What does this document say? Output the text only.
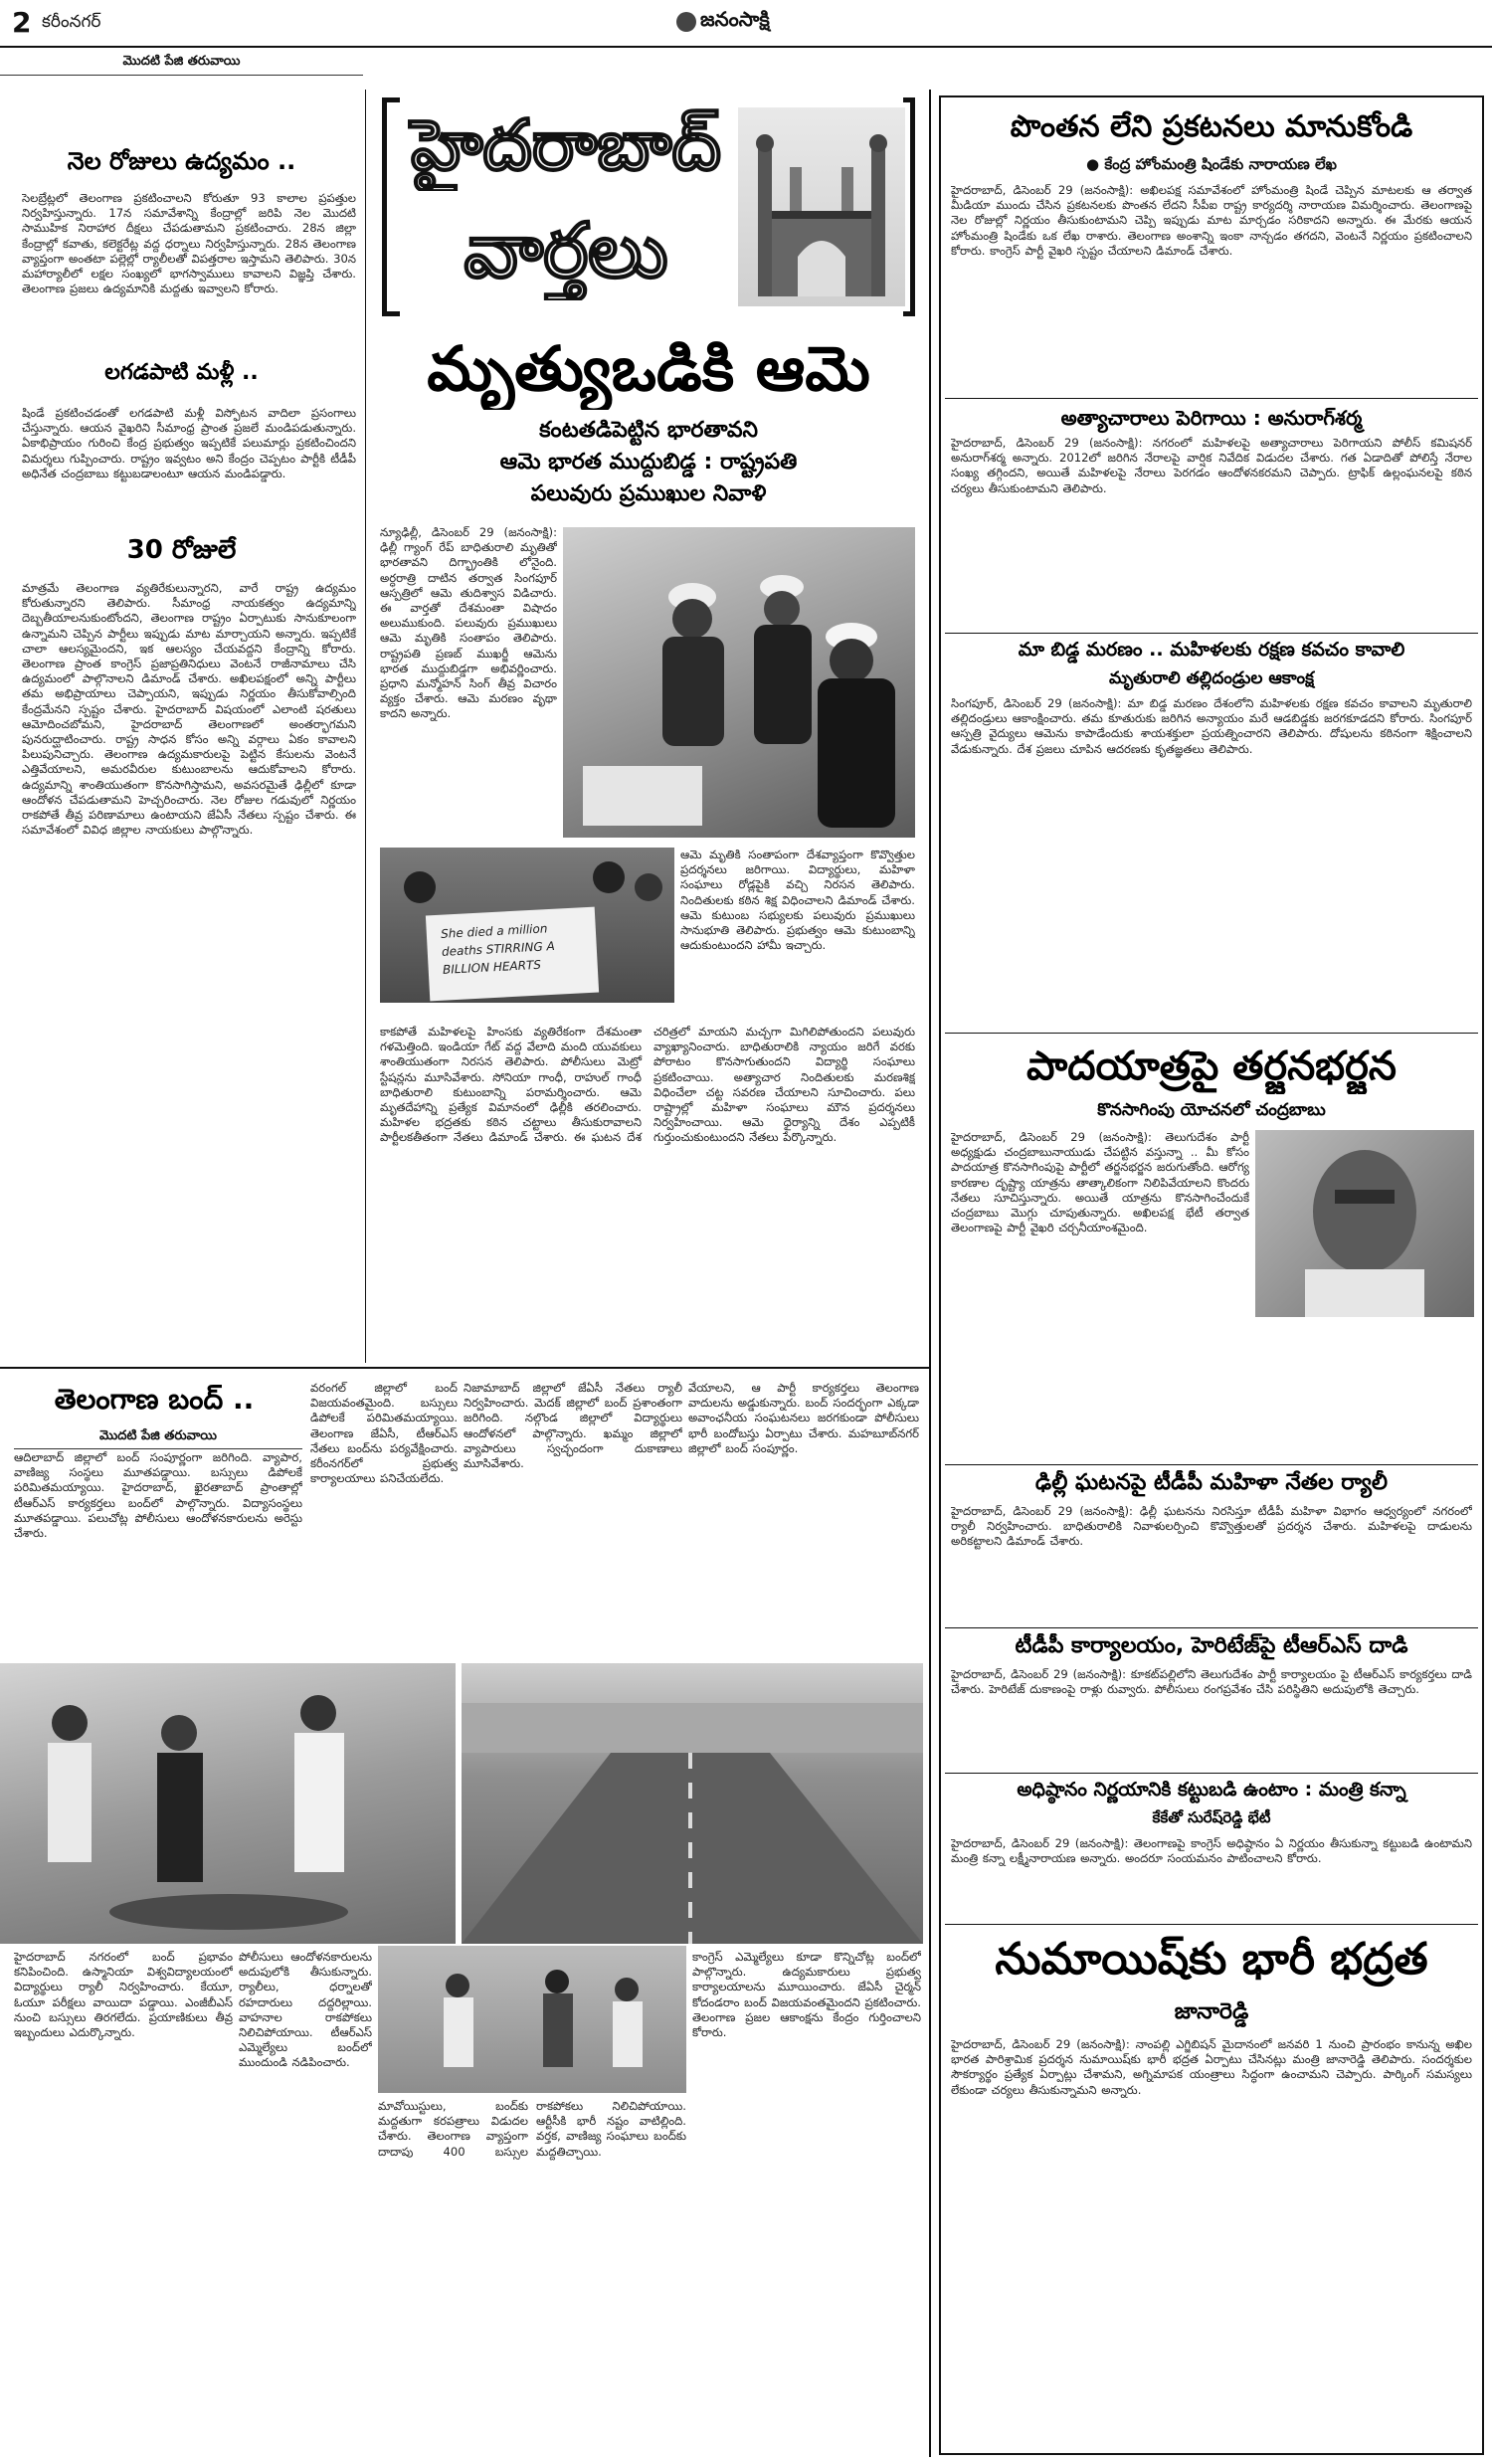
2 కరీంనగర్	జనంసాక్షి
మొదటి పేజి తరువాయి
నెల రోజులు ఉద్యమం ..
సెలబ్రేట్లలో తెలంగాణ ప్రకటించాలని కోరుతూ 93 కాలాల ప్రపత్తుల నిర్వహిస్తున్నారు. 17న సమావేశాన్ని కేంద్రాల్లో జరిపి నెల మొదటి సాముహిక నిరాహార దీక్షలు చేపడుతామని ప్రకటించారు. 28న జిల్లా కేంద్రాల్లో కవాతు, కలెక్టరేట్ల వద్ద ధర్నాలు నిర్వహిస్తున్నారు. 28న తెలంగాణ వ్యాప్తంగా అంతటా పల్లెల్లో ర్యాలీలతో విపత్తరాల ఇస్తామని తెలిపారు. 30న మహార్యాలీలో లక్షల సంఖ్యలో భాగస్వాములు కావాలని విజ్ఞప్తి చేశారు. తెలంగాణ ప్రజలు ఉద్యమానికి మద్దతు ఇవ్వాలని కోరారు.
లగడపాటి మళ్లీ ..
షిండే ప్రకటించడంతో లగడపాటి మళ్లీ విస్ఫోటన వాదిలా ప్రసంగాలు చేస్తున్నారు. ఆయన వైఖరిని సీమాంధ్ర ప్రాంత ప్రజలే మండిపడుతున్నారు. ఏకాభిప్రాయం గురించి కేంద్ర ప్రభుత్వం ఇప్పటికే పలుమార్లు ప్రకటించిందని విమర్శలు గుప్పించారు. రాష్ట్రం ఇవ్వటం అని కేంద్రం చెప్పటం పార్టీకి టీడీపీ అధినేత చంద్రబాబు కట్టుబడాలంటూ ఆయన మండిపడ్డారు.
30 రోజులే
మాత్రమే తెలంగాణ వ్యతిరేకులున్నారని, వారే రాష్ట్ర ఉద్యమం కోరుతున్నారని తెలిపారు. సీమాంధ్ర నాయకత్వం ఉద్యమాన్ని దెబ్బతీయాలనుకుంటోందని, తెలంగాణ రాష్ట్రం ఏర్పాటుకు సానుకూలంగా ఉన్నామని చెప్పిన పార్టీలు ఇప్పుడు మాట మార్చాయని అన్నారు. ఇప్పటికే చాలా ఆలస్యమైందని, ఇక ఆలస్యం చేయవద్దని కేంద్రాన్ని కోరారు. తెలంగాణ ప్రాంత కాంగ్రెస్ ప్రజాప్రతినిధులు వెంటనే రాజీనామాలు చేసి ఉద్యమంలో పాల్గొనాలని డిమాండ్ చేశారు. అఖిలపక్షంలో అన్ని పార్టీలు తమ అభిప్రాయాలు చెప్పాయని, ఇప్పుడు నిర్ణయం తీసుకోవాల్సింది కేంద్రమేనని స్పష్టం చేశారు. హైదరాబాద్ విషయంలో ఎలాంటి షరతులు ఆమోదించబోమని, హైదరాబాద్ తెలంగాణలో అంతర్భాగమని పునరుద్ఘాటించారు. రాష్ట్ర సాధన కోసం అన్ని వర్గాలు ఏకం కావాలని పిలుపునిచ్చారు. తెలంగాణ ఉద్యమకారులపై పెట్టిన కేసులను వెంటనే ఎత్తివేయాలని, అమరవీరుల కుటుంబాలను ఆదుకోవాలని కోరారు. ఉద్యమాన్ని శాంతియుతంగా కొనసాగిస్తామని, అవసరమైతే ఢిల్లీలో కూడా ఆందోళన చేపడుతామని హెచ్చరించారు. నెల రోజుల గడువులో నిర్ణయం రాకపోతే తీవ్ర పరిణామాలు ఉంటాయని జేఏసీ నేతలు స్పష్టం చేశారు. ఈ సమావేశంలో వివిధ జిల్లాల నాయకులు పాల్గొన్నారు.
హైదరాబాద్
వార్తలు
మృత్యుఒడికి ఆమె
కంటతడిపెట్టిన భారతావని
ఆమె భారత ముద్దుబిడ్డ : రాష్ట్రపతి
పలువురు ప్రముఖుల నివాళి
న్యూఢిల్లీ, డిసెంబర్ 29 (జనంసాక్షి): ఢిల్లీ గ్యాంగ్ రేప్ బాధితురాలి మృతితో భారతావని దిగ్భ్రాంతికి లోనైంది. అర్ధరాత్రి దాటిన తర్వాత సింగపూర్ ఆస్పత్రిలో ఆమె తుదిశ్వాస విడిచారు. ఈ వార్తతో దేశమంతా విషాదం అలుముకుంది. పలువురు ప్రముఖులు ఆమె మృతికి సంతాపం తెలిపారు. రాష్ట్రపతి ప్రణబ్ ముఖర్జీ ఆమెను భారత ముద్దుబిడ్డగా అభివర్ణించారు. ప్రధాని మన్మోహన్ సింగ్ తీవ్ర విచారం వ్యక్తం చేశారు. ఆమె మరణం వృథా కాదని అన్నారు.
She died a million deaths STIRRING A BILLION HEARTS
ఆమె మృతికి సంతాపంగా దేశవ్యాప్తంగా కొవ్వొత్తుల ప్రదర్శనలు జరిగాయి. విద్యార్థులు, మహిళా సంఘాలు రోడ్లపైకి వచ్చి నిరసన తెలిపారు. నిందితులకు కఠిన శిక్ష విధించాలని డిమాండ్ చేశారు. ఆమె కుటుంబ సభ్యులకు పలువురు ప్రముఖులు సానుభూతి తెలిపారు. ప్రభుత్వం ఆమె కుటుంబాన్ని ఆదుకుంటుందని హామీ ఇచ్చారు.
కాకపోతే మహిళలపై హింసకు వ్యతిరేకంగా దేశమంతా గళమెత్తింది. ఇండియా గేట్ వద్ద వేలాది మంది యువకులు శాంతియుతంగా నిరసన తెలిపారు. పోలీసులు మెట్రో స్టేషన్లను మూసివేశారు. సోనియా గాంధీ, రాహుల్ గాంధీ బాధితురాలి కుటుంబాన్ని పరామర్శించారు. ఆమె మృతదేహాన్ని ప్రత్యేక విమానంలో ఢిల్లీకి తరలించారు. మహిళల భద్రతకు కఠిన చట్టాలు తీసుకురావాలని పార్టీలకతీతంగా నేతలు డిమాండ్ చేశారు. ఈ ఘటన దేశ చరిత్రలో మాయని మచ్చగా మిగిలిపోతుందని పలువురు వ్యాఖ్యానించారు. బాధితురాలికి న్యాయం జరిగే వరకు పోరాటం కొనసాగుతుందని విద్యార్థి సంఘాలు ప్రకటించాయి. అత్యాచార నిందితులకు మరణశిక్ష విధించేలా చట్ట సవరణ చేయాలని సూచించారు. పలు రాష్ట్రాల్లో మహిళా సంఘాలు మౌన ప్రదర్శనలు నిర్వహించాయి. ఆమె ధైర్యాన్ని దేశం ఎప్పటికీ గుర్తుంచుకుంటుందని నేతలు పేర్కొన్నారు.
పొంతన లేని ప్రకటనలు మానుకోండి
● కేంద్ర హోంమంత్రి షిండేకు నారాయణ లేఖ
హైదరాబాద్, డిసెంబర్ 29 (జనంసాక్షి): అఖిలపక్ష సమావేశంలో హోంమంత్రి షిండే చెప్పిన మాటలకు ఆ తర్వాత మీడియా ముందు చేసిన ప్రకటనలకు పొంతన లేదని సీపీఐ రాష్ట్ర కార్యదర్శి నారాయణ విమర్శించారు. తెలంగాణపై నెల రోజుల్లో నిర్ణయం తీసుకుంటామని చెప్పి ఇప్పుడు మాట మార్చడం సరికాదని అన్నారు. ఈ మేరకు ఆయన హోంమంత్రి షిండేకు ఒక లేఖ రాశారు. తెలంగాణ అంశాన్ని ఇంకా నాన్చడం తగదని, వెంటనే నిర్ణయం ప్రకటించాలని కోరారు. కాంగ్రెస్ పార్టీ వైఖరి స్పష్టం చేయాలని డిమాండ్ చేశారు.
అత్యాచారాలు పెరిగాయి : అనురాగ్‌శర్మ
హైదరాబాద్, డిసెంబర్ 29 (జనంసాక్షి): నగరంలో మహిళలపై అత్యాచారాలు పెరిగాయని పోలీస్ కమిషనర్ అనురాగ్‌శర్మ అన్నారు. 2012లో జరిగిన నేరాలపై వార్షిక నివేదిక విడుదల చేశారు. గత ఏడాదితో పోలిస్తే నేరాల సంఖ్య తగ్గిందని, అయితే మహిళలపై నేరాలు పెరగడం ఆందోళనకరమని చెప్పారు. ట్రాఫిక్ ఉల్లంఘనలపై కఠిన చర్యలు తీసుకుంటామని తెలిపారు.
మా బిడ్డ మరణం .. మహిళలకు రక్షణ కవచం కావాలి
మృతురాలి తల్లిదండ్రుల ఆకాంక్ష
సింగపూర్, డిసెంబర్ 29 (జనంసాక్షి): మా బిడ్డ మరణం దేశంలోని మహిళలకు రక్షణ కవచం కావాలని మృతురాలి తల్లిదండ్రులు ఆకాంక్షించారు. తమ కూతురుకు జరిగిన అన్యాయం మరే ఆడబిడ్డకు జరగకూడదని కోరారు. సింగపూర్ ఆస్పత్రి వైద్యులు ఆమెను కాపాడేందుకు శాయశక్తులా ప్రయత్నించారని తెలిపారు. దోషులను కఠినంగా శిక్షించాలని వేడుకున్నారు. దేశ ప్రజలు చూపిన ఆదరణకు కృతజ్ఞతలు తెలిపారు.
పాదయాత్రపై తర్జనభర్జన
కొనసాగింపు యోచనలో చంద్రబాబు
హైదరాబాద్, డిసెంబర్ 29 (జనంసాక్షి): తెలుగుదేశం పార్టీ అధ్యక్షుడు చంద్రబాబునాయుడు చేపట్టిన వస్తున్నా .. మీ కోసం పాదయాత్ర కొనసాగింపుపై పార్టీలో తర్జనభర్జన జరుగుతోంది. ఆరోగ్య కారణాల దృష్ట్యా యాత్రను తాత్కాలికంగా నిలిపివేయాలని కొందరు నేతలు సూచిస్తున్నారు. అయితే యాత్రను కొనసాగించేందుకే చంద్రబాబు మొగ్గు చూపుతున్నారు. అఖిలపక్ష భేటీ తర్వాత తెలంగాణపై పార్టీ వైఖరి చర్చనీయాంశమైంది.
ఢిల్లీ ఘటనపై టీడీపీ మహిళా నేతల ర్యాలీ
హైదరాబాద్, డిసెంబర్ 29 (జనంసాక్షి): ఢిల్లీ ఘటనను నిరసిస్తూ టీడీపీ మహిళా విభాగం ఆధ్వర్యంలో నగరంలో ర్యాలీ నిర్వహించారు. బాధితురాలికి నివాళులర్పించి కొవ్వొత్తులతో ప్రదర్శన చేశారు. మహిళలపై దాడులను అరికట్టాలని డిమాండ్ చేశారు.
టీడీపీ కార్యాలయం, హెరిటేజ్‌పై టీఆర్‌ఎస్ దాడి
హైదరాబాద్, డిసెంబర్ 29 (జనంసాక్షి): కూకట్‌పల్లిలోని తెలుగుదేశం పార్టీ కార్యాలయం పై టీఆర్‌ఎస్ కార్యకర్తలు దాడి చేశారు. హెరిటేజ్ దుకాణంపై రాళ్లు రువ్వారు. పోలీసులు రంగప్రవేశం చేసి పరిస్థితిని అదుపులోకి తెచ్చారు.
అధిష్ఠానం నిర్ణయానికి కట్టుబడి ఉంటాం : మంత్రి కన్నా
కేకేతో సురేష్‌రెడ్డి భేటీ
హైదరాబాద్, డిసెంబర్ 29 (జనంసాక్షి): తెలంగాణపై కాంగ్రెస్ అధిష్ఠానం ఏ నిర్ణయం తీసుకున్నా కట్టుబడి ఉంటామని మంత్రి కన్నా లక్ష్మీనారాయణ అన్నారు. అందరూ సంయమనం పాటించాలని కోరారు.
నుమాయిష్‌కు భారీ భద్రత
జానారెడ్డి
హైదరాబాద్, డిసెంబర్ 29 (జనంసాక్షి): నాంపల్లి ఎగ్జిబిషన్ మైదానంలో జనవరి 1 నుంచి ప్రారంభం కానున్న అఖిల భారత పారిశ్రామిక ప్రదర్శన నుమాయిష్‌కు భారీ భద్రత ఏర్పాటు చేసినట్లు మంత్రి జానారెడ్డి తెలిపారు. సందర్శకుల సౌకర్యార్థం ప్రత్యేక ఏర్పాట్లు చేశామని, అగ్నిమాపక యంత్రాలు సిద్ధంగా ఉంచామని చెప్పారు. పార్కింగ్ సమస్యలు లేకుండా చర్యలు తీసుకున్నామని అన్నారు.
తెలంగాణ బంద్ ..
మొదటి పేజి తరువాయి
ఆదిలాబాద్ జిల్లాలో బంద్ సంపూర్ణంగా జరిగింది. వ్యాపార, వాణిజ్య సంస్థలు మూతపడ్డాయి. బస్సులు డిపోలకే పరిమితమయ్యాయి. హైదరాబాద్, ఖైరతాబాద్ ప్రాంతాల్లో టీఆర్‌ఎస్ కార్యకర్తలు బంద్‌లో పాల్గొన్నారు. విద్యాసంస్థలు మూతపడ్డాయి. పలుచోట్ల పోలీసులు ఆందోళనకారులను అరెస్టు చేశారు.
వరంగల్ జిల్లాలో బంద్ విజయవంతమైంది. బస్సులు డిపోలకే పరిమితమయ్యాయి. తెలంగాణ జేఏసీ, టీఆర్‌ఎస్ నేతలు బంద్‌ను పర్యవేక్షించారు. కరీంనగర్‌లో ప్రభుత్వ కార్యాలయాలు పనిచేయలేదు.
నిజామాబాద్ జిల్లాలో జేఏసీ నేతలు ర్యాలీ నిర్వహించారు. మెదక్ జిల్లాలో బంద్ ప్రశాంతంగా జరిగింది. నల్గొండ జిల్లాలో విద్యార్థులు ఆందోళనలో పాల్గొన్నారు. ఖమ్మం జిల్లాలో వ్యాపారులు స్వచ్ఛందంగా దుకాణాలు మూసివేశారు.
వేయాలని, ఆ పార్టీ కార్యకర్తలు తెలంగాణ వాదులను అడ్డుకున్నారు. బంద్ సందర్భంగా ఎక్కడా అవాంఛనీయ సంఘటనలు జరగకుండా పోలీసులు భారీ బందోబస్తు ఏర్పాటు చేశారు. మహబూబ్‌నగర్ జిల్లాలో బంద్ సంపూర్ణం.
హైదరాబాద్ నగరంలో బంద్ ప్రభావం కనిపించింది. ఉస్మానియా విశ్వవిద్యాలయంలో విద్యార్థులు ర్యాలీ నిర్వహించారు. కేయూ, ఓయూ పరీక్షలు వాయిదా పడ్డాయి. ఎంజీబీఎస్ నుంచి బస్సులు తిరగలేదు. ప్రయాణికులు తీవ్ర ఇబ్బందులు ఎదుర్కొన్నారు.
పోలీసులు ఆందోళనకారులను అదుపులోకి తీసుకున్నారు. ర్యాలీలు, ధర్నాలతో రహదారులు దద్దరిల్లాయి. వాహనాల రాకపోకలు నిలిచిపోయాయి. టీఆర్‌ఎస్ ఎమ్మెల్యేలు బంద్‌లో ముందుండి నడిపించారు.
మావోయిస్టులు, బంద్‌కు మద్దతుగా కరపత్రాలు విడుదల చేశారు. తెలంగాణ వ్యాప్తంగా దాదాపు 400 బస్సుల రాకపోకలు నిలిచిపోయాయి. ఆర్టీసీకి భారీ నష్టం వాటిల్లింది. వర్తక, వాణిజ్య సంఘాలు బంద్‌కు మద్దతిచ్చాయి.
కాంగ్రెస్ ఎమ్మెల్యేలు కూడా కొన్నిచోట్ల బంద్‌లో పాల్గొన్నారు. ఉద్యమకారులు ప్రభుత్వ కార్యాలయాలను మూయించారు. జేఏసీ చైర్మన్ కోదండరాం బంద్ విజయవంతమైందని ప్రకటించారు. తెలంగాణ ప్రజల ఆకాంక్షను కేంద్రం గుర్తించాలని కోరారు.
